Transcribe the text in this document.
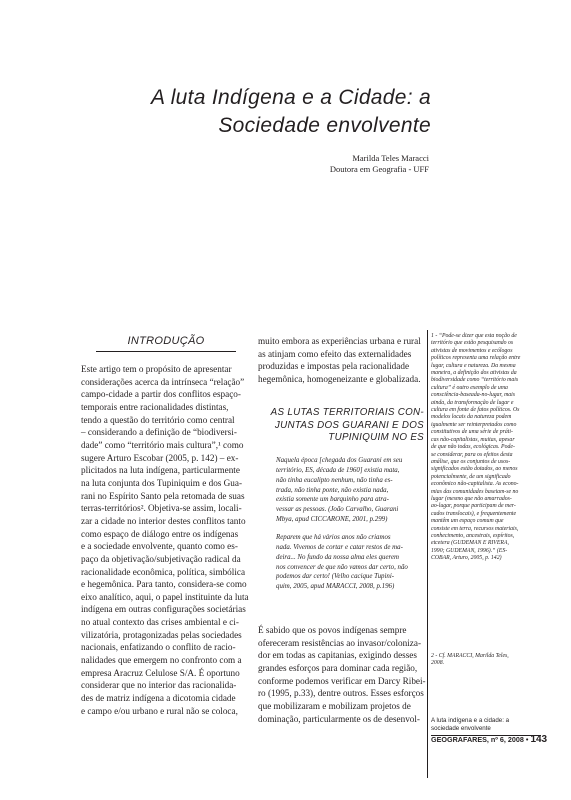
A luta Indígena e a Cidade: a
Sociedade envolvente
Marilda Teles Maracci
Doutora em Geografia - UFF
INTRODUÇÃO
Este artigo tem o propósito de apresentar
considerações acerca da intrínseca “relação”
campo-cidade a partir dos conflitos espaço-
temporais entre racionalidades distintas,
tendo a questão do território como central
– considerando a definição de “biodiversi-
dade” como “território mais cultura”,¹ como
sugere Arturo Escobar (2005, p. 142) – ex-
plicitados na luta indígena, particularmente
na luta conjunta dos Tupiniquim e dos Gua-
rani no Espírito Santo pela retomada de suas
terras-territórios². Objetiva-se assim, locali-
zar a cidade no interior destes conflitos tanto
como espaço de diálogo entre os indígenas
e a sociedade envolvente, quanto como es-
paço da objetivação/subjetivação radical da
racionalidade econômica, política, simbólica
e hegemônica. Para tanto, considera-se como
eixo analítico, aqui, o papel instituinte da luta
indígena em outras configurações societárias
no atual contexto das crises ambiental e ci-
vilizatória, protagonizadas pelas sociedades
nacionais, enfatizando o conflito de racio-
nalidades que emergem no confronto com a
empresa Aracruz Celulose S/A. É oportuno
considerar que no interior das racionalida-
des de matriz indígena a dicotomia cidade
e campo e/ou urbano e rural não se coloca,
muito embora as experiências urbana e rural
as atinjam como efeito das externalidades
produzidas e impostas pela racionalidade
hegemônica, homogeneizante e globalizada.
AS LUTAS TERRITORIAIS CON-
JUNTAS DOS GUARANI E DOS
TUPINIQUIM NO ES
Naquela época [chegada dos Guarani em seu
território, ES, década de 1960] existia mata,
não tinha eucalipto nenhum, não tinha es-
trada, não tinha ponte, não existia nada,
existia somente um barquinho para atra-
vessar as pessoas. (João Carvalho, Guarani
Mbya, apud CICCARONE, 2001, p.299)
Reparem que há vários anos não criamos
nada. Vivemos de cortar e catar restos de ma-
deira... No fundo da nossa alma eles querem
nos convencer de que não vamos dar certo, não
podemos dar certo! (Velho cacique Tupini-
quim, 2005, apud MARACCI, 2008, p.196)
É sabido que os povos indígenas sempre
ofereceram resistências ao invasor/coloniza-
dor em todas as capitanias, exigindo desses
grandes esforços para dominar cada região,
conforme podemos verificar em Darcy Ribei-
ro (1995, p.33), dentre outros. Esses esforços
que mobilizaram e mobilizam projetos de
dominação, particularmente os de desenvol-
1 - “Pode-se dizer que esta noção de
território que estão pesquisando os
ativistas de movimentos e ecólogos
políticos representa uma relação entre
lugar, cultura e natureza. Da mesma
maneira, a definição dos ativistas da
biodiversidade como “território mais
cultura” é outro exemplo de uma
consciência-baseada-no-lugar, mais
ainda, da transformação de lugar e
cultura em fonte de fatos políticos. Os
modelos locais da natureza podem
igualmente ser reinterpretados como
constitutivos de uma série de práti-
cas não-capitalistas, muitas, apesar
de que não todas, ecológicas. Pode-
se considerar, para os efeitos desta
análise, que os conjuntos de usos-
significados estão dotados, ao menos
potencialmente, de um significado
econômico não-capitalista. As econo-
mias das comunidades baseiam-se no
lugar (mesmo que não amarrados-
ao-lugar, porque participam de mer-
cados translocais), e frequentemente
mantêm um espaço comum que
consiste em terra, recursos materiais,
conhecimento, ancestrais, espíritos,
etcetera (GUDEMAN E RIVERA,
1990; GUDEMAN, 1996).” (ES-
COBAR, Arturo, 2005, p. 142)
2 - Cf. MARACCI, Marilda Teles,
2008.
A luta indígena e a cidade: a
sociedade envolvente
GEOGRAFARES, nº 6, 2008 • 143
